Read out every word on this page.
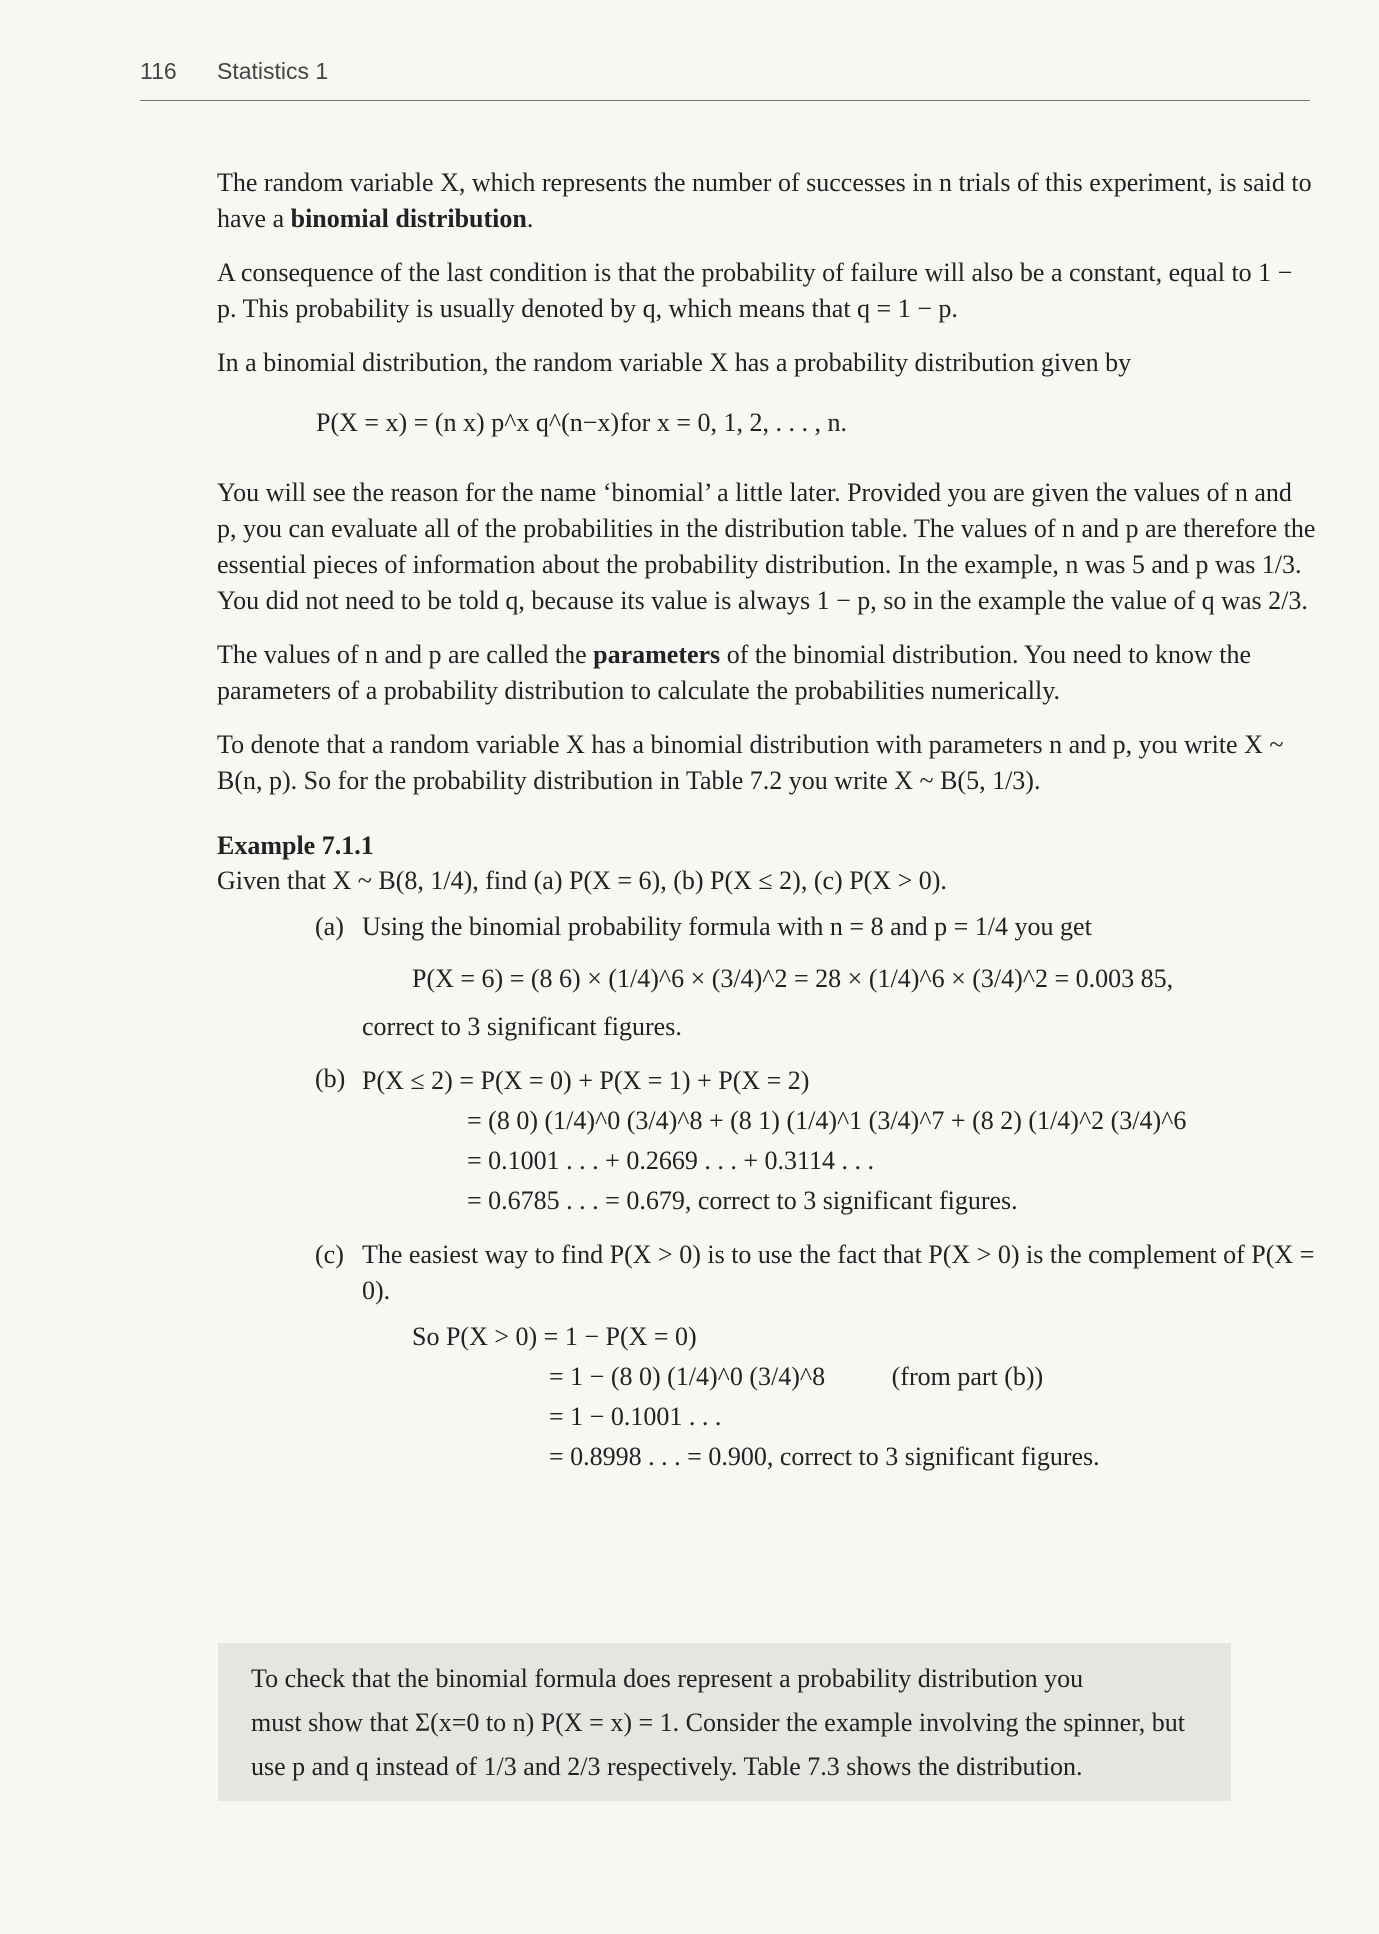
116 Statistics 1

The random variable X, which represents the number of successes in n trials of this experiment, is said to have a binomial distribution.

A consequence of the last condition is that the probability of failure will also be a constant, equal to 1 − p. This probability is usually denoted by q, which means that q = 1 − p.

In a binomial distribution, the random variable X has a probability distribution given by

P(X = x) = (n x) p^x q^(n−x) for x = 0, 1, 2, . . . , n.

You will see the reason for the name ‘binomial’ a little later. Provided you are given the values of n and p, you can evaluate all of the probabilities in the distribution table. The values of n and p are therefore the essential pieces of information about the probability distribution. In the example, n was 5 and p was 1/3. You did not need to be told q, because its value is always 1 − p, so in the example the value of q was 2/3.

The values of n and p are called the parameters of the binomial distribution. You need to know the parameters of a probability distribution to calculate the probabilities numerically.

To denote that a random variable X has a binomial distribution with parameters n and p, you write X ~ B(n, p). So for the probability distribution in Table 7.2 you write X ~ B(5, 1/3).

Example 7.1.1
Given that X ~ B(8, 1/4), find (a) P(X = 6), (b) P(X ≤ 2), (c) P(X > 0).
(a) Using the binomial probability formula with n = 8 and p = 1/4 you get
P(X = 6) = (8 6) × (1/4)^6 × (3/4)^2 = 28 × (1/4)^6 × (3/4)^2 = 0.003 85,
correct to 3 significant figures.
(b) P(X ≤ 2) = P(X = 0) + P(X = 1) + P(X = 2)
= (8 0) (1/4)^0 (3/4)^8 + (8 1) (1/4)^1 (3/4)^7 + (8 2) (1/4)^2 (3/4)^6
= 0.1001 . . . + 0.2669 . . . + 0.3114 . . .
= 0.6785 . . . = 0.679, correct to 3 significant figures.
(c) The easiest way to find P(X > 0) is to use the fact that P(X > 0) is the complement of P(X = 0).
So P(X > 0) = 1 − P(X = 0)
= 1 − (8 0) (1/4)^0 (3/4)^8	(from part (b))
= 1 − 0.1001 . . .
= 0.8998 . . . = 0.900, correct to 3 significant figures.
To check that the binomial formula does represent a probability distribution you
must show that Σ(x=0 to n) P(X = x) = 1. Consider the example involving the spinner, but
use p and q instead of 1/3 and 2/3 respectively. Table 7.3 shows the distribution.
